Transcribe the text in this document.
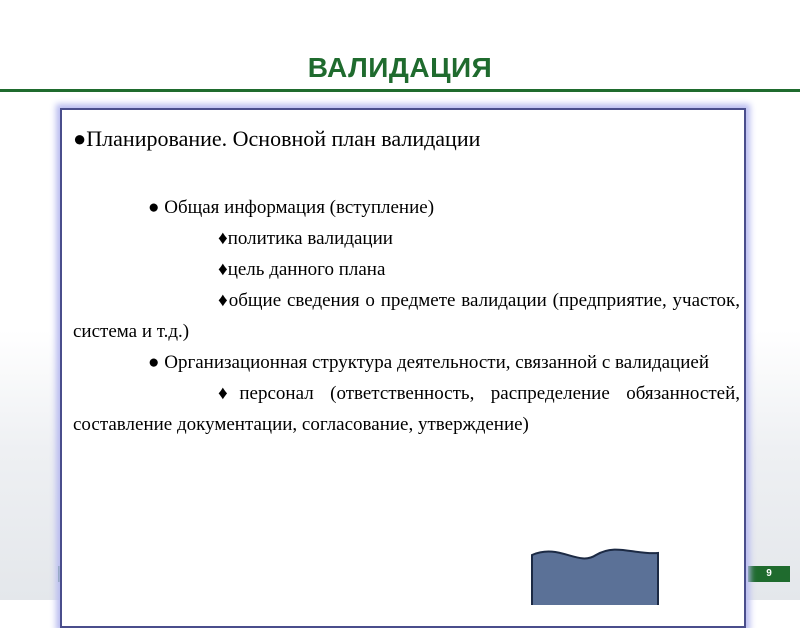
ВАЛИДАЦИЯ
9

●Планирование. Основной план валидации

● Общая информация (вступление)

♦политика валидации

♦цель данного плана

♦общие сведения о предмете валидации (предприятие, участок, система и т.д.)

● Организационная структура деятельности, связанной с валидацией

♦персонал (ответственность, распределение обязанностей, составление документации, согласование, утверждение)
